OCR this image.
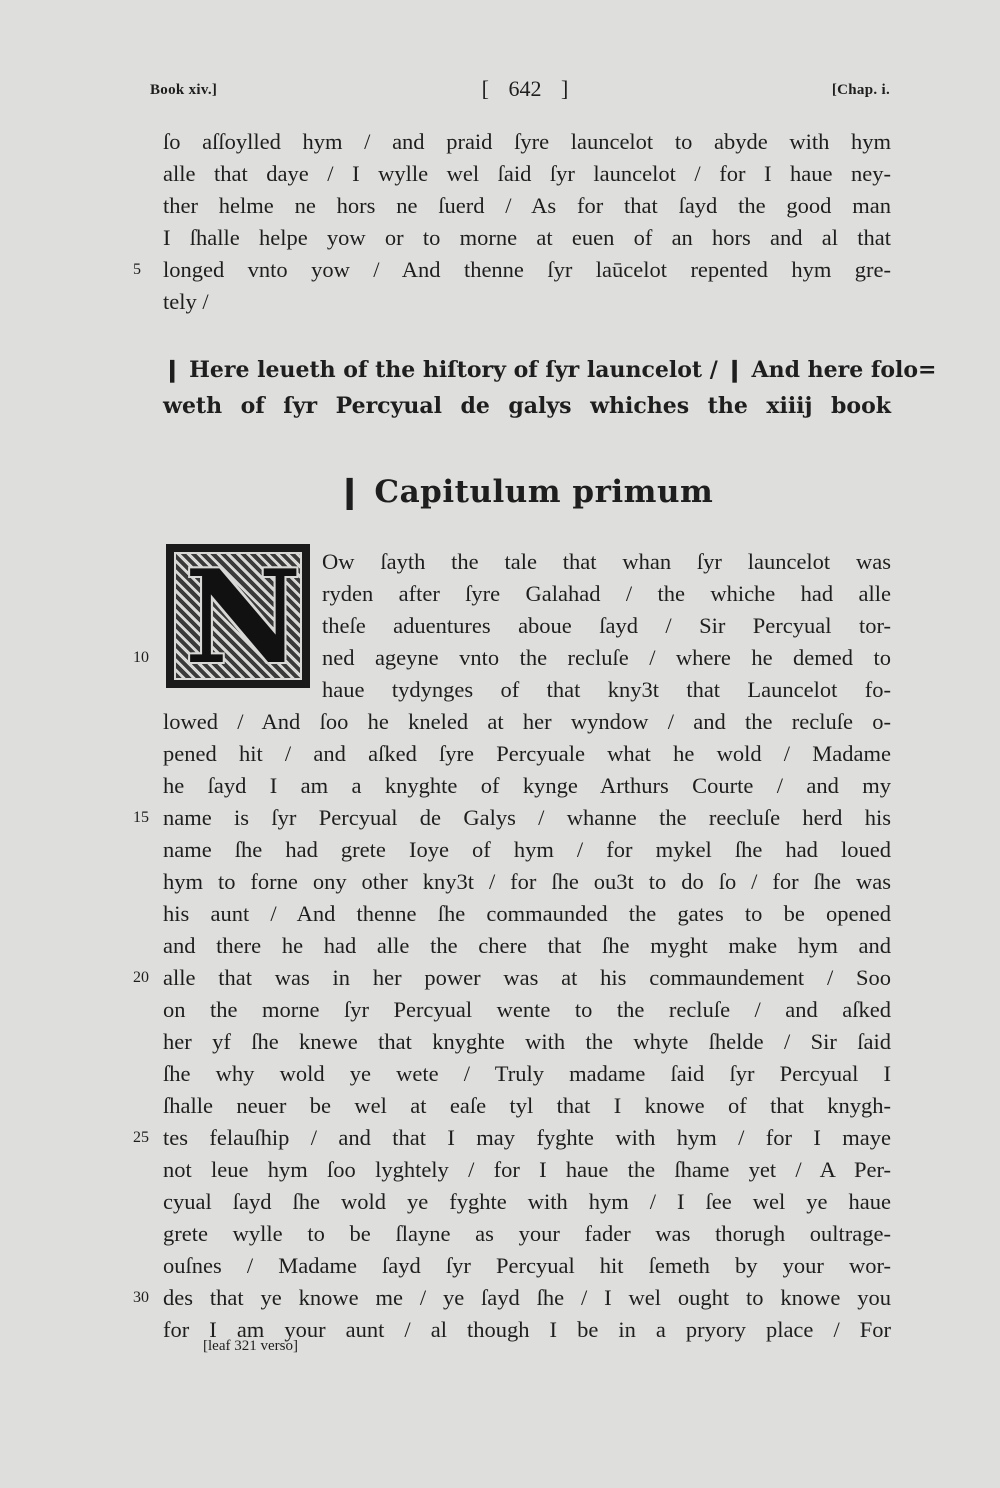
Book xiv.]	[ 642 ]	[Chap. i.
ſo aſſoylled hym / and praid ſyre launcelot to abyde with hym
alle that daye / I wylle wel ſaid ſyr launcelot / for I haue ney-
ther helme ne hors ne ſuerd / As for that ſayd the good man
I ſhalle helpe yow or to morne at euen of an hors and al that
5 longed vnto yow / And thenne ſyr laūcelot repented hym gre-
tely /
❙ Here leueth of the hiſtory of ſyr launcelot / ❙ And here folo=
weth of ſyr Percyual de galys whiches the xiiij book
❙ Capitulum primum
N Ow ſayth the tale that whan ſyr launcelot was
ryden after ſyre Galahad / the whiche had alle
theſe aduentures aboue ſayd / Sir Percyual tor-
10	ned ageyne vnto the recluſe / where he demed to
haue tydynges of that kny3t that Launcelot fo-
lowed / And ſoo he kneled at her wyndow / and the recluſe o-
pened hit / and aſked ſyre Percyuale what he wold / Madame
he ſayd I am a knyghte of kynge Arthurs Courte / and my
15 name is ſyr Percyual de Galys / whanne the reecluſe herd his
name ſhe had grete Ioye of hym / for mykel ſhe had loued
hym to forne ony other kny3t / for ſhe ou3t to do ſo / for ſhe was
his aunt / And thenne ſhe commaunded the gates to be opened
and there he had alle the chere that ſhe myght make hym and
20 alle that was in her power was at his commaundement / Soo
on the morne ſyr Percyual wente to the recluſe / and aſked
her yf ſhe knewe that knyghte with the whyte ſhelde / Sir ſaid
ſhe why wold ye wete / Truly madame ſaid ſyr Percyual I
ſhalle neuer be wel at eaſe tyl that I knowe of that knygh-
25 tes felauſhip / and that I may fyghte with hym / for I maye
not leue hym ſoo lyghtely / for I haue the ſhame yet / A Per-
cyual ſayd ſhe wold ye fyghte with hym / I ſee wel ye haue
grete wylle to be ſlayne as your fader was thorugh oultrage-
ouſnes / Madame ſayd ſyr Percyual hit ſemeth by your wor-
30 des that ye knowe me / ye ſayd ſhe / I wel ought to knowe you
for I am your aunt / al though I be in a pryory place / For
[leaf 321 verso]
